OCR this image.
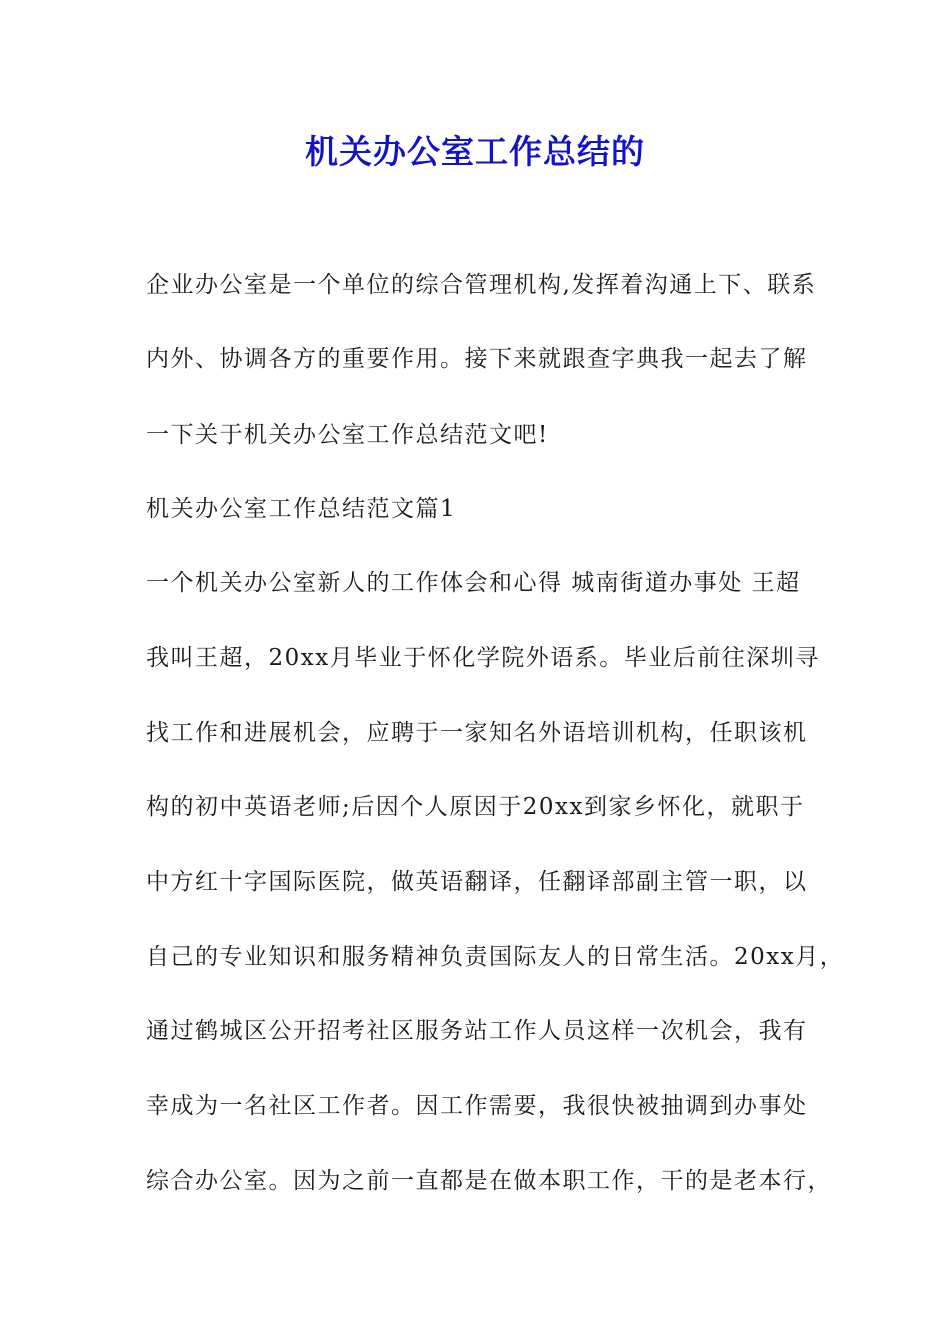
机关办公室工作总结的
企业办公室是一个单位的综合管理机构,发挥着沟通上下、联系
内外、协调各方的重要作用。接下来就跟查字典我一起去了解
一下关于机关办公室工作总结范文吧!
机关办公室工作总结范文篇1
一个机关办公室新人的工作体会和心得 城南街道办事处 王超
我叫王超，20xx月毕业于怀化学院外语系。毕业后前往深圳寻
找工作和进展机会，应聘于一家知名外语培训机构，任职该机
构的初中英语老师;后因个人原因于20xx到家乡怀化，就职于
中方红十字国际医院，做英语翻译，任翻译部副主管一职，以
自己的专业知识和服务精神负责国际友人的日常生活。20xx月，
通过鹤城区公开招考社区服务站工作人员这样一次机会，我有
幸成为一名社区工作者。因工作需要，我很快被抽调到办事处
综合办公室。因为之前一直都是在做本职工作，干的是老本行，
